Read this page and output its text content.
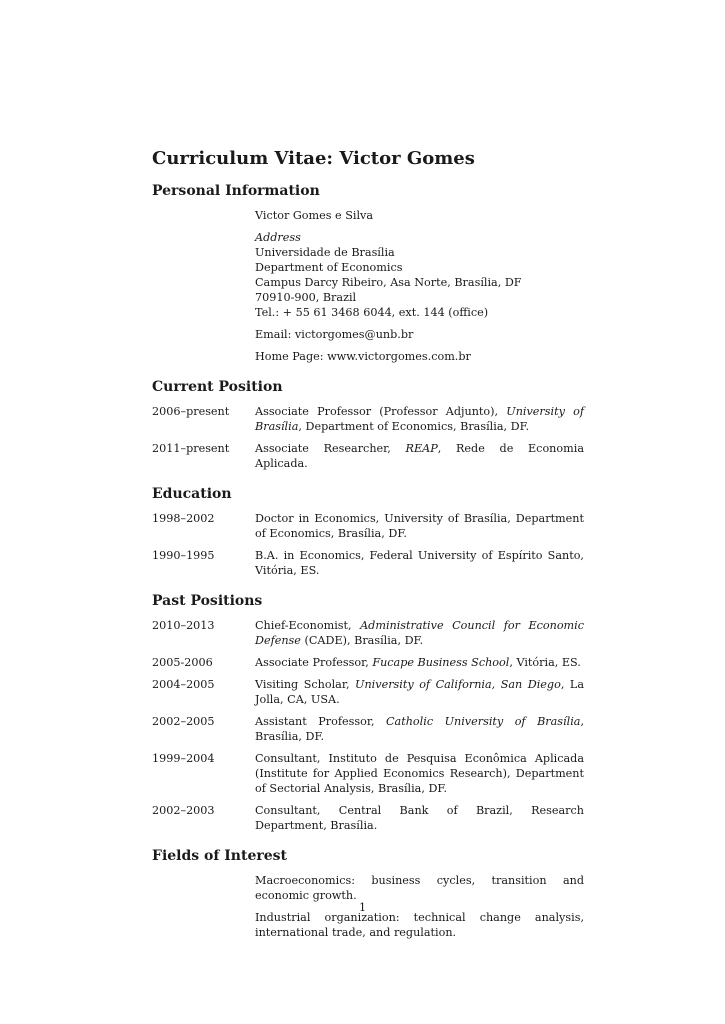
Curriculum Vitae: Victor Gomes
Personal Information
Victor Gomes e Silva
Address
Universidade de Brasília
Department of Economics
Campus Darcy Ribeiro, Asa Norte, Brasília, DF
70910-900, Brazil
Tel.: + 55 61 3468 6044, ext. 144 (office)
Email: victorgomes@unb.br
Home Page: www.victorgomes.com.br
Current Position
2006–present	Associate Professor (Professor Adjunto), University of Brasília, Department of Economics, Brasília, DF.
2011–present	Associate Researcher, REAP, Rede de Economia Aplicada.
Education
1998–2002	Doctor in Economics, University of Brasília, Department of Economics, Brasília, DF.
1990–1995	B.A. in Economics, Federal University of Espírito Santo, Vitória, ES.
Past Positions
2010–2013	Chief-Economist, Administrative Council for Economic Defense (CADE), Brasília, DF.
2005-2006	Associate Professor, Fucape Business School, Vitória, ES.
2004–2005	Visiting Scholar, University of California, San Diego, La Jolla, CA, USA.
2002–2005	Assistant Professor, Catholic University of Brasília, Brasília, DF.
1999–2004	Consultant, Instituto de Pesquisa Econômica Aplicada (Institute for Applied Economics Research), Department of Sectorial Analysis, Brasília, DF.
2002–2003	Consultant, Central Bank of Brazil, Research Department, Brasília.
Fields of Interest
Macroeconomics: business cycles, transition and economic growth.
Industrial organization: technical change analysis, international trade, and regulation.
1
